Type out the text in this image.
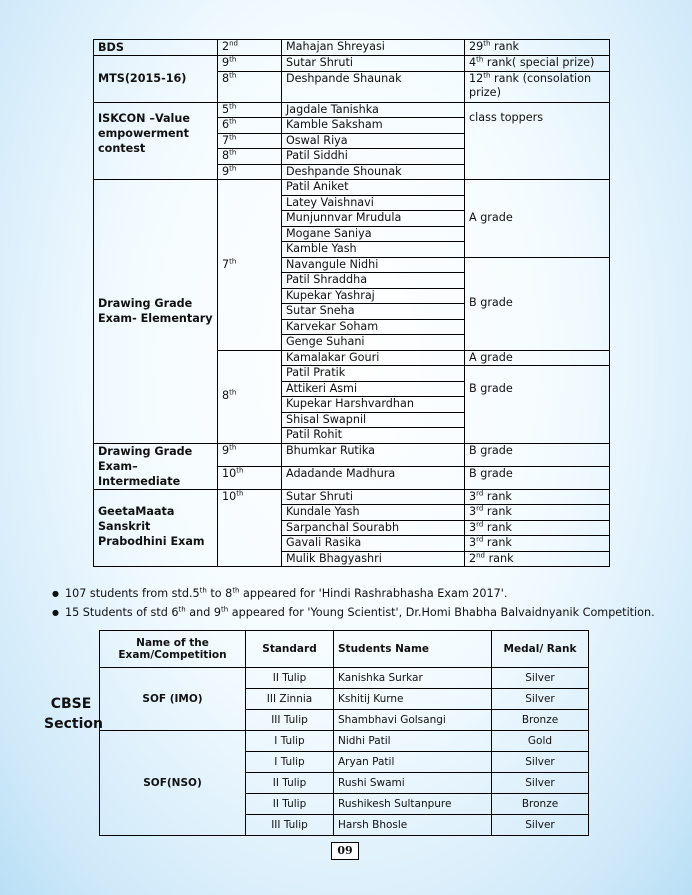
BDS	2nd	Mahajan Shreyasi	29th rank
MTS(2015-16)	9th	Sutar Shruti	4th rank( special prize)
	8th	Deshpande Shaunak	12th rank (consolation prize)
ISKCON –Value empowerment contest	5th	Jagdale Tanishka	class toppers
	6th	Kamble Saksham	
	7th	Oswal Riya	
	8th	Patil Siddhi	
	9th	Deshpande Shounak	
Drawing Grade Exam- Elementary	7th	Patil Aniket	A grade
		Latey Vaishnavi	
		Munjunnvar Mrudula	
		Mogane Saniya	
		Kamble Yash	
		Navangule Nidhi	B grade
		Patil Shraddha	
		Kupekar Yashraj	
		Sutar Sneha	
		Karvekar Soham	
		Genge Suhani	
	8th	Kamalakar Gouri	A grade
		Patil Pratik	B grade
		Attikeri Asmi	
		Kupekar Harshvardhan	
		Shisal Swapnil	
		Patil Rohit	
Drawing Grade Exam– Intermediate	9th	Bhumkar Rutika	B grade
	10th	Adadande Madhura	B grade
GeetaMaata Sanskrit Prabodhini Exam	10th	Sutar Shruti	3rd rank
		Kundale Yash	3rd rank
		Sarpanchal Sourabh	3rd rank
		Gavali Rasika	3rd rank
		Mulik Bhagyashri	2nd rank
● 107 students from std.5th to 8th appeared for 'Hindi Rashrabhasha Exam 2017'.
● 15 Students of std 6th and 9th appeared for 'Young Scientist', Dr.Homi Bhabha Balvaidnyanik Competition.
CBSE
Section
Name of the Exam/Competition	Standard	Students Name	Medal/ Rank
SOF (IMO)	II Tulip	Kanishka Surkar	Silver
	III Zinnia	Kshitij Kurne	Silver
	III Tulip	Shambhavi Golsangi	Bronze
SOF(NSO)	I Tulip	Nidhi Patil	Gold
	I Tulip	Aryan Patil	Silver
	II Tulip	Rushi Swami	Silver
	II Tulip	Rushikesh Sultanpure	Bronze
	III Tulip	Harsh Bhosle	Silver
09
